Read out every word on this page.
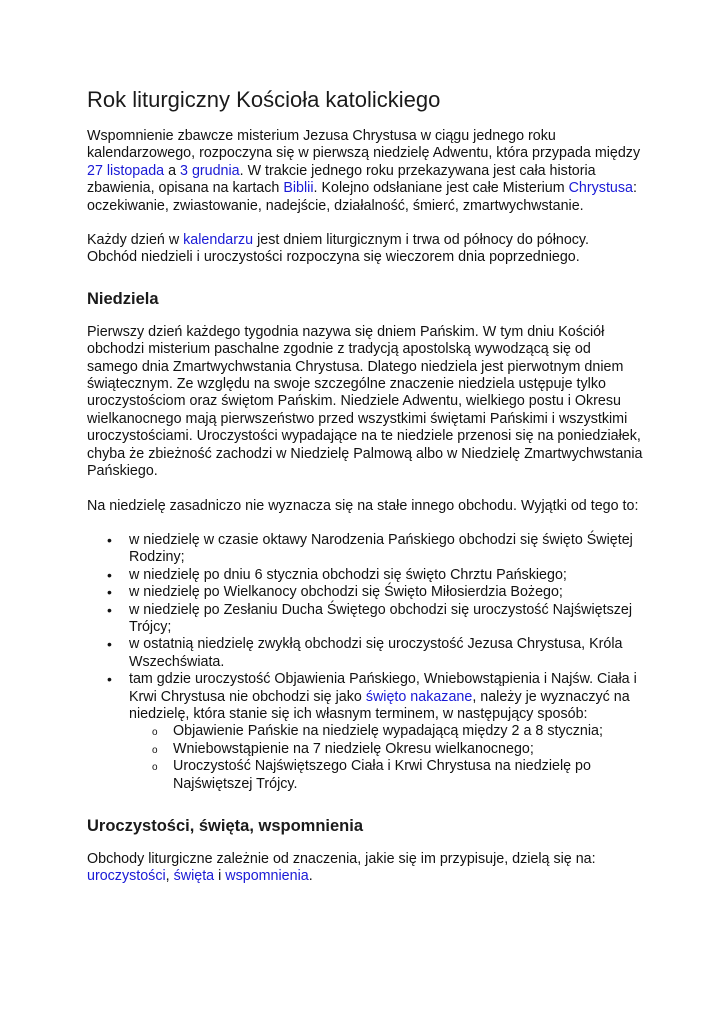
Rok liturgiczny Kościoła katolickiego

Wspomnienie zbawcze misterium Jezusa Chrystusa w ciągu jednego roku kalendarzowego, rozpoczyna się w pierwszą niedzielę Adwentu, która przypada między 27 listopada a 3 grudnia. W trakcie jednego roku przekazywana jest cała historia zbawienia, opisana na kartach Biblii. Kolejno odsłaniane jest całe Misterium Chrystusa: oczekiwanie, zwiastowanie, nadejście, działalność, śmierć, zmartwychwstanie.

Każdy dzień w kalendarzu jest dniem liturgicznym i trwa od północy do północy. Obchód niedzieli i uroczystości rozpoczyna się wieczorem dnia poprzedniego.

Niedziela

Pierwszy dzień każdego tygodnia nazywa się dniem Pańskim. W tym dniu Kościół obchodzi misterium paschalne zgodnie z tradycją apostolską wywodzącą się od samego dnia Zmartwychwstania Chrystusa. Dlatego niedziela jest pierwotnym dniem świątecznym. Ze względu na swoje szczególne znaczenie niedziela ustępuje tylko uroczystościom oraz świętom Pańskim. Niedziele Adwentu, wielkiego postu i Okresu wielkanocnego mają pierwszeństwo przed wszystkimi świętami Pańskimi i wszystkimi uroczystościami. Uroczystości wypadające na te niedziele przenosi się na poniedziałek, chyba że zbieżność zachodzi w Niedzielę Palmową albo w Niedzielę Zmartwychwstania Pańskiego.

Na niedzielę zasadniczo nie wyznacza się na stałe innego obchodu. Wyjątki od tego to:

• w niedzielę w czasie oktawy Narodzenia Pańskiego obchodzi się święto Świętej Rodziny;
• w niedzielę po dniu 6 stycznia obchodzi się święto Chrztu Pańskiego;
• w niedzielę po Wielkanocy obchodzi się Święto Miłosierdzia Bożego;
• w niedzielę po Zesłaniu Ducha Świętego obchodzi się uroczystość Najświętszej Trójcy;
• w ostatnią niedzielę zwykłą obchodzi się uroczystość Jezusa Chrystusa, Króla Wszechświata.
• tam gdzie uroczystość Objawienia Pańskiego, Wniebowstąpienia i Najśw. Ciała i Krwi Chrystusa nie obchodzi się jako święto nakazane, należy je wyznaczyć na niedzielę, która stanie się ich własnym terminem, w następujący sposób:
o Objawienie Pańskie na niedzielę wypadającą między 2 a 8 stycznia;
o Wniebowstąpienie na 7 niedzielę Okresu wielkanocnego;
o Uroczystość Najświętszego Ciała i Krwi Chrystusa na niedzielę po Najświętszej Trójcy.
Uroczystości, święta, wspomnienia

Obchody liturgiczne zależnie od znaczenia, jakie się im przypisuje, dzielą się na: uroczystości, święta i wspomnienia.
